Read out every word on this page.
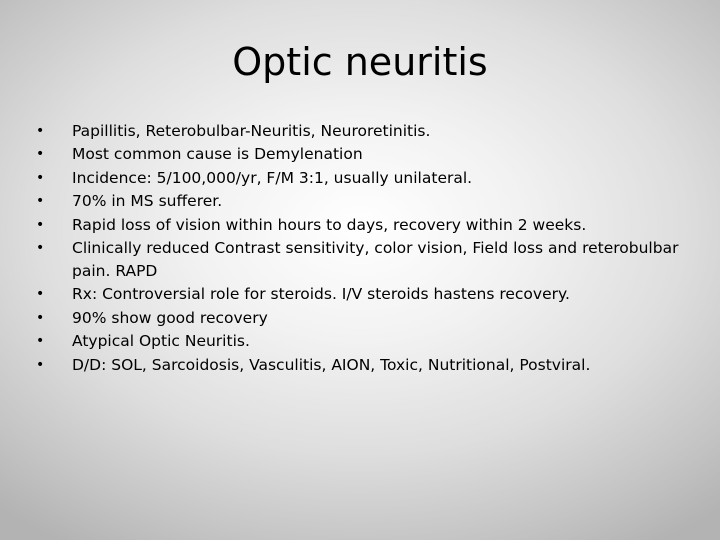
Optic neuritis
•	Papillitis, Reterobulbar-Neuritis, Neuroretinitis.
•	Most common cause is Demylenation
•	Incidence: 5/100,000/yr, F/M 3:1, usually unilateral.
•	70% in MS sufferer.
•	Rapid loss of vision within hours to days, recovery within 2 weeks.
•	Clinically reduced Contrast sensitivity, color vision, Field loss and reterobulbar pain. RAPD
•	Rx: Controversial role for steroids. I/V steroids hastens recovery.
•	90% show good recovery
•	Atypical Optic Neuritis.
•	D/D: SOL, Sarcoidosis, Vasculitis, AION, Toxic, Nutritional, Postviral.
